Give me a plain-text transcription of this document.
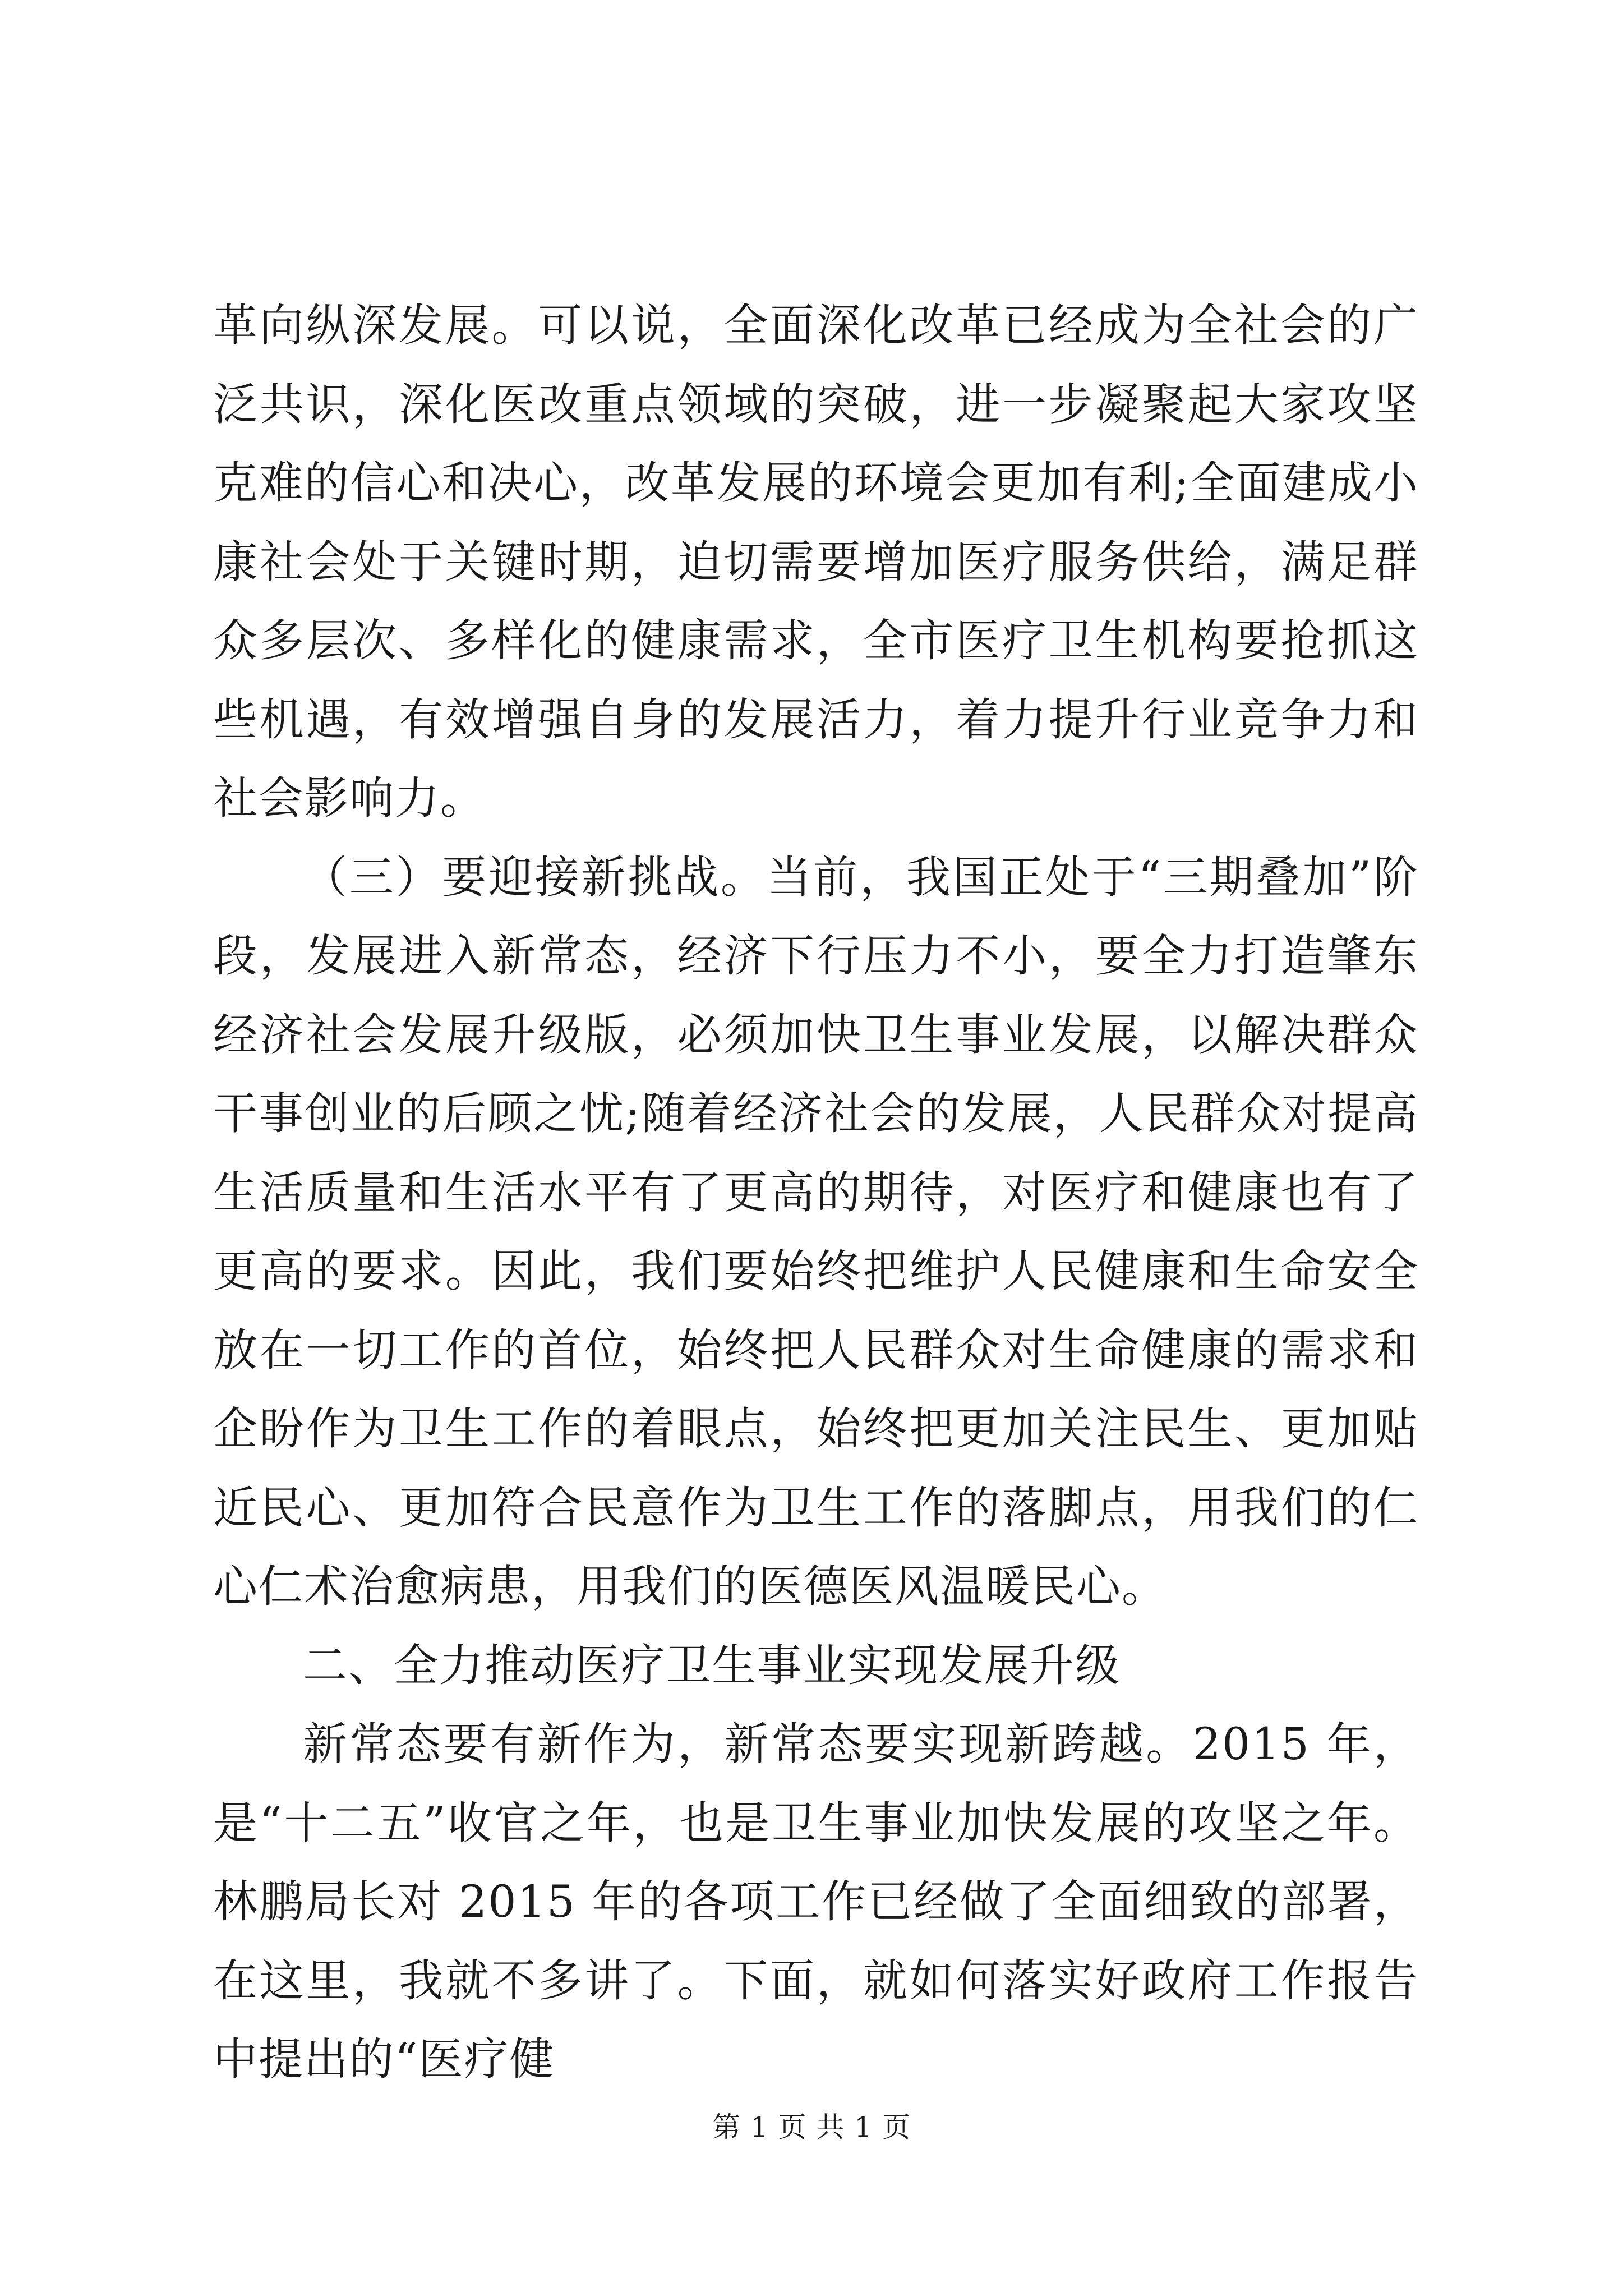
革向纵深发展。可以说，全面深化改革已经成为全社会的广泛共识，深化医改重点领域的突破，进一步凝聚起大家攻坚克难的信心和决心，改革发展的环境会更加有利;全面建成小康社会处于关键时期，迫切需要增加医疗服务供给，满足群众多层次、多样化的健康需求，全市医疗卫生机构要抢抓这些机遇，有效增强自身的发展活力，着力提升行业竞争力和社会影响力。

（三）要迎接新挑战。当前，我国正处于“三期叠加”阶段，发展进入新常态，经济下行压力不小，要全力打造肇东经济社会发展升级版，必须加快卫生事业发展，以解决群众干事创业的后顾之忧;随着经济社会的发展，人民群众对提高生活质量和生活水平有了更高的期待，对医疗和健康也有了更高的要求。因此，我们要始终把维护人民健康和生命安全放在一切工作的首位，始终把人民群众对生命健康的需求和企盼作为卫生工作的着眼点，始终把更加关注民生、更加贴近民心、更加符合民意作为卫生工作的落脚点，用我们的仁心仁术治愈病患，用我们的医德医风温暖民心。

二、全力推动医疗卫生事业实现发展升级

新常态要有新作为，新常态要实现新跨越。2015 年，是“十二五”收官之年，也是卫生事业加快发展的攻坚之年。林鹏局长对 2015 年的各项工作已经做了全面细致的部署，在这里，我就不多讲了。下面，就如何落实好政府工作报告中提出的“医疗健

第 1 页 共 1 页
